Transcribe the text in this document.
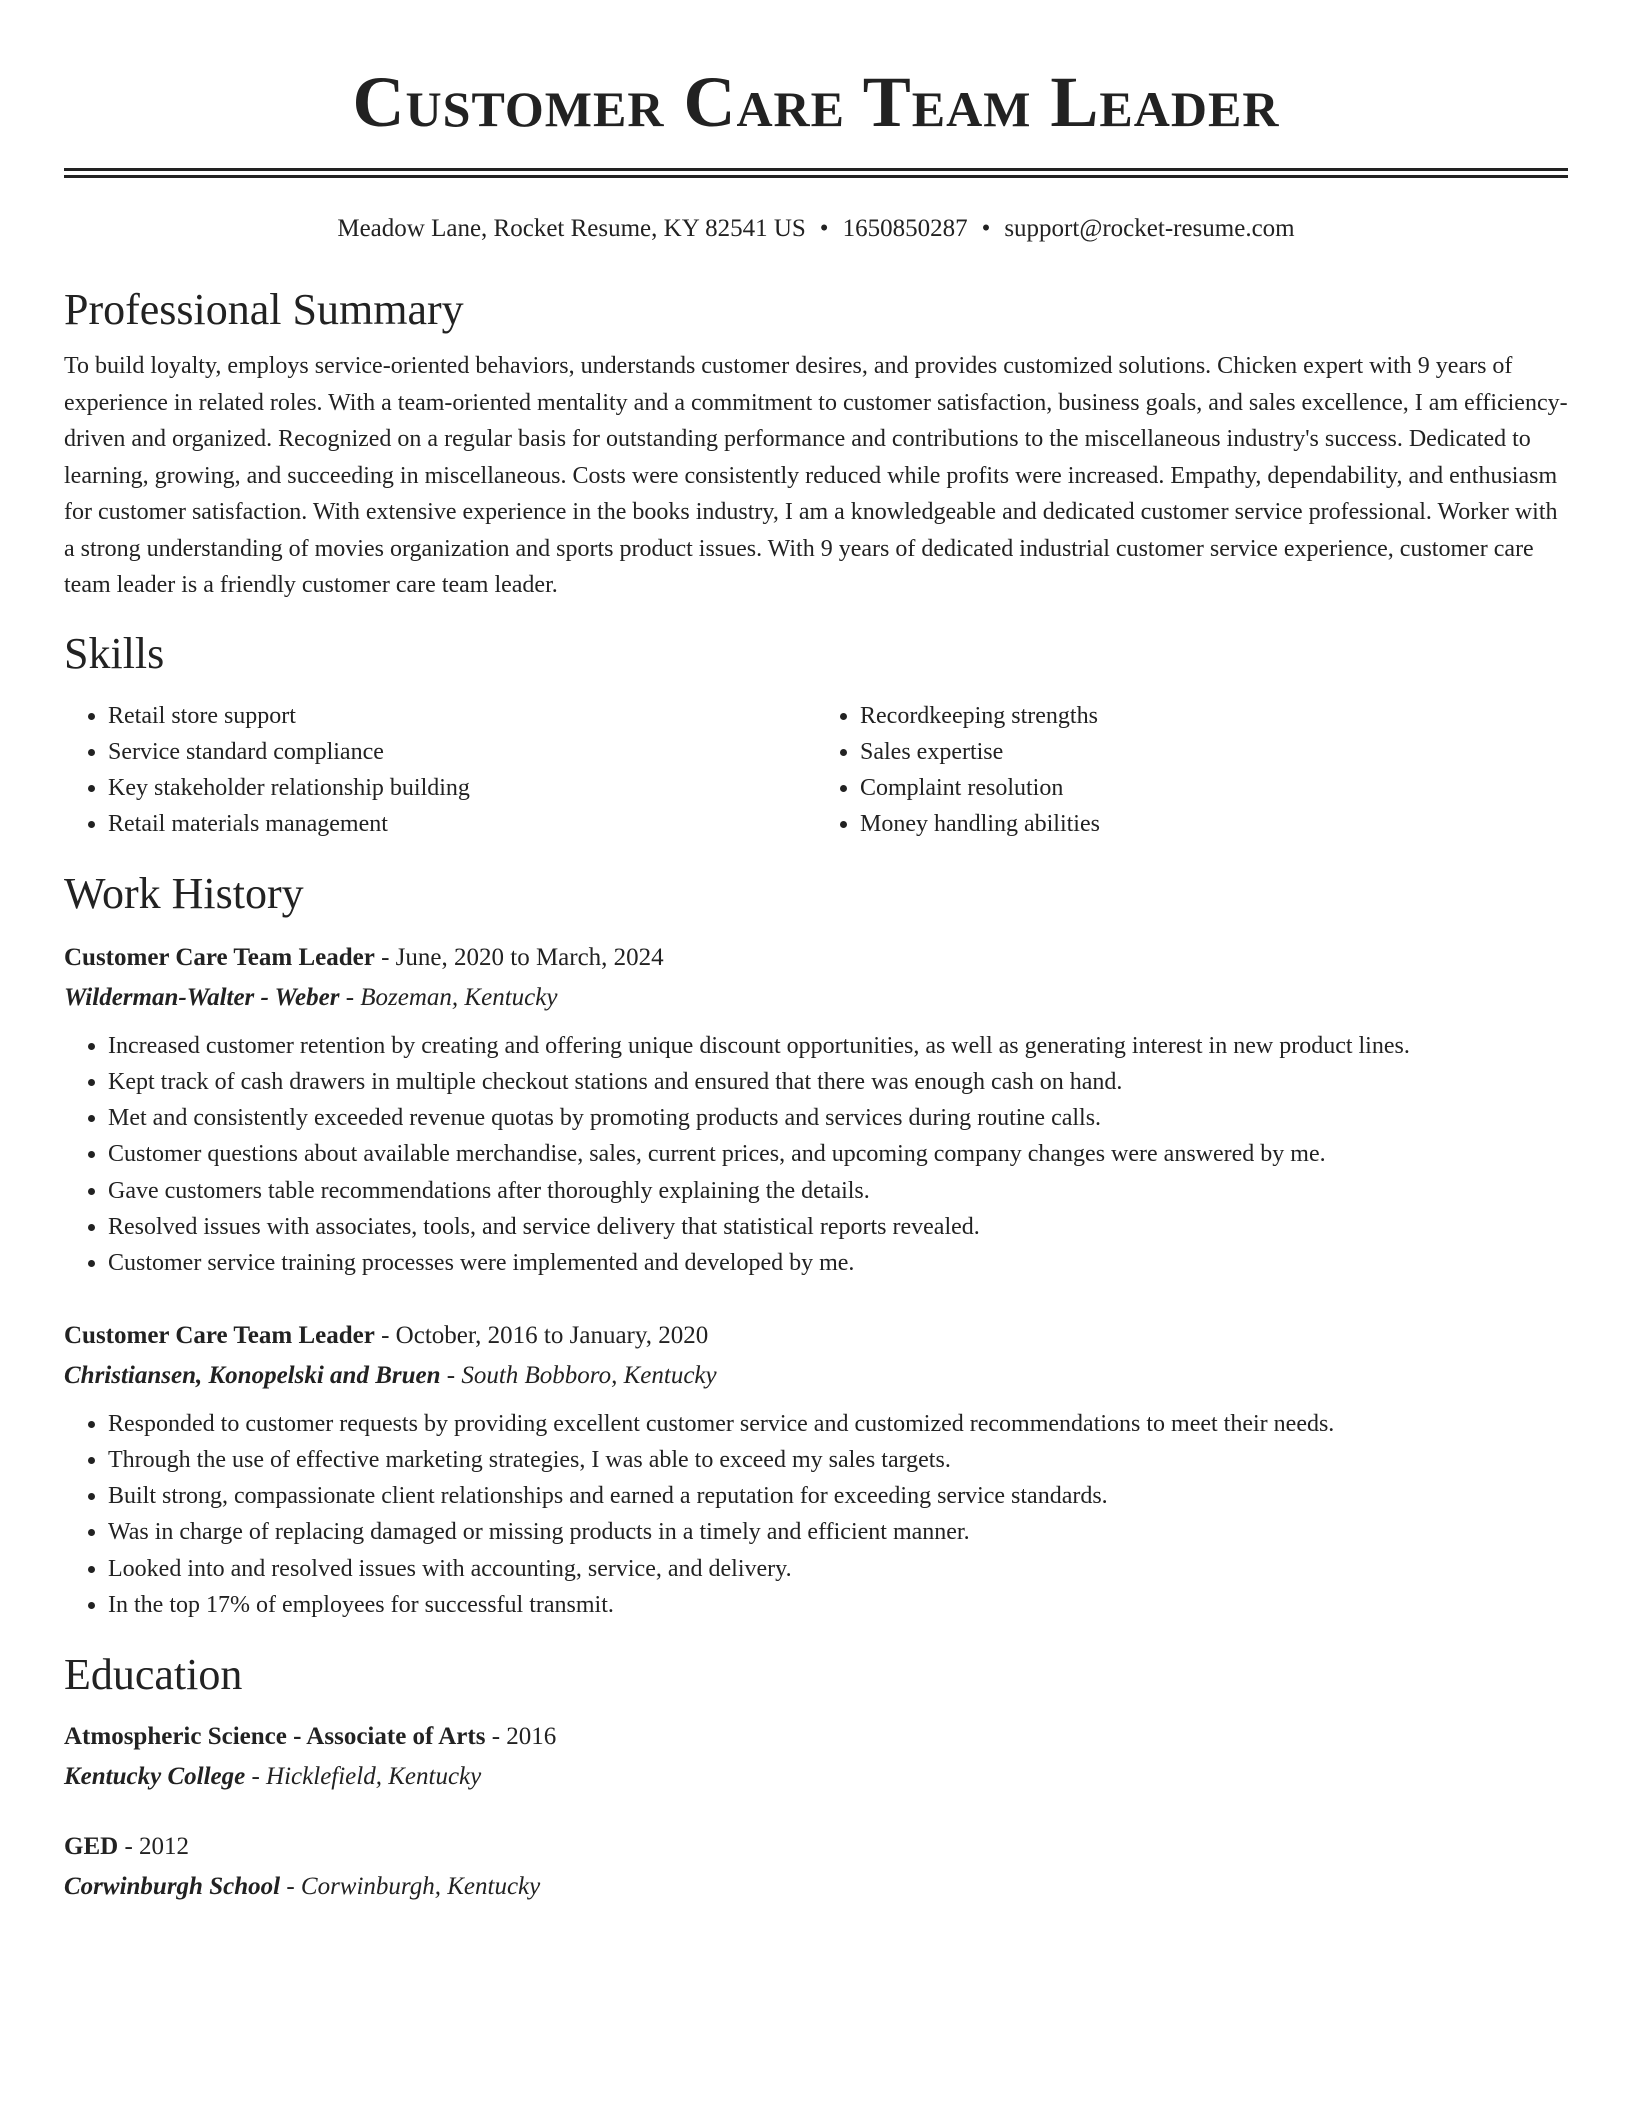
Customer Care Team Leader
Meadow Lane, Rocket Resume, KY 82541 US • 1650850287 • support@rocket-resume.com
Professional Summary
To build loyalty, employs service-oriented behaviors, understands customer desires, and provides customized solutions. Chicken expert with 9 years of experience in related roles. With a team-oriented mentality and a commitment to customer satisfaction, business goals, and sales excellence, I am efficiency-driven and organized. Recognized on a regular basis for outstanding performance and contributions to the miscellaneous industry's success. Dedicated to learning, growing, and succeeding in miscellaneous. Costs were consistently reduced while profits were increased. Empathy, dependability, and enthusiasm for customer satisfaction. With extensive experience in the books industry, I am a knowledgeable and dedicated customer service professional. Worker with a strong understanding of movies organization and sports product issues. With 9 years of dedicated industrial customer service experience, customer care team leader is a friendly customer care team leader.
Skills
• Retail store support
• Service standard compliance
• Key stakeholder relationship building
• Retail materials management
• Recordkeeping strengths
• Sales expertise
• Complaint resolution
• Money handling abilities
Work History
Customer Care Team Leader - June, 2020 to March, 2024
Wilderman-Walter - Weber - Bozeman, Kentucky
• Increased customer retention by creating and offering unique discount opportunities, as well as generating interest in new product lines.
• Kept track of cash drawers in multiple checkout stations and ensured that there was enough cash on hand.
• Met and consistently exceeded revenue quotas by promoting products and services during routine calls.
• Customer questions about available merchandise, sales, current prices, and upcoming company changes were answered by me.
• Gave customers table recommendations after thoroughly explaining the details.
• Resolved issues with associates, tools, and service delivery that statistical reports revealed.
• Customer service training processes were implemented and developed by me.
Customer Care Team Leader - October, 2016 to January, 2020
Christiansen, Konopelski and Bruen - South Bobboro, Kentucky
• Responded to customer requests by providing excellent customer service and customized recommendations to meet their needs.
• Through the use of effective marketing strategies, I was able to exceed my sales targets.
• Built strong, compassionate client relationships and earned a reputation for exceeding service standards.
• Was in charge of replacing damaged or missing products in a timely and efficient manner.
• Looked into and resolved issues with accounting, service, and delivery.
• In the top 17% of employees for successful transmit.
Education
Atmospheric Science - Associate of Arts - 2016
Kentucky College - Hicklefield, Kentucky
GED - 2012
Corwinburgh School - Corwinburgh, Kentucky
